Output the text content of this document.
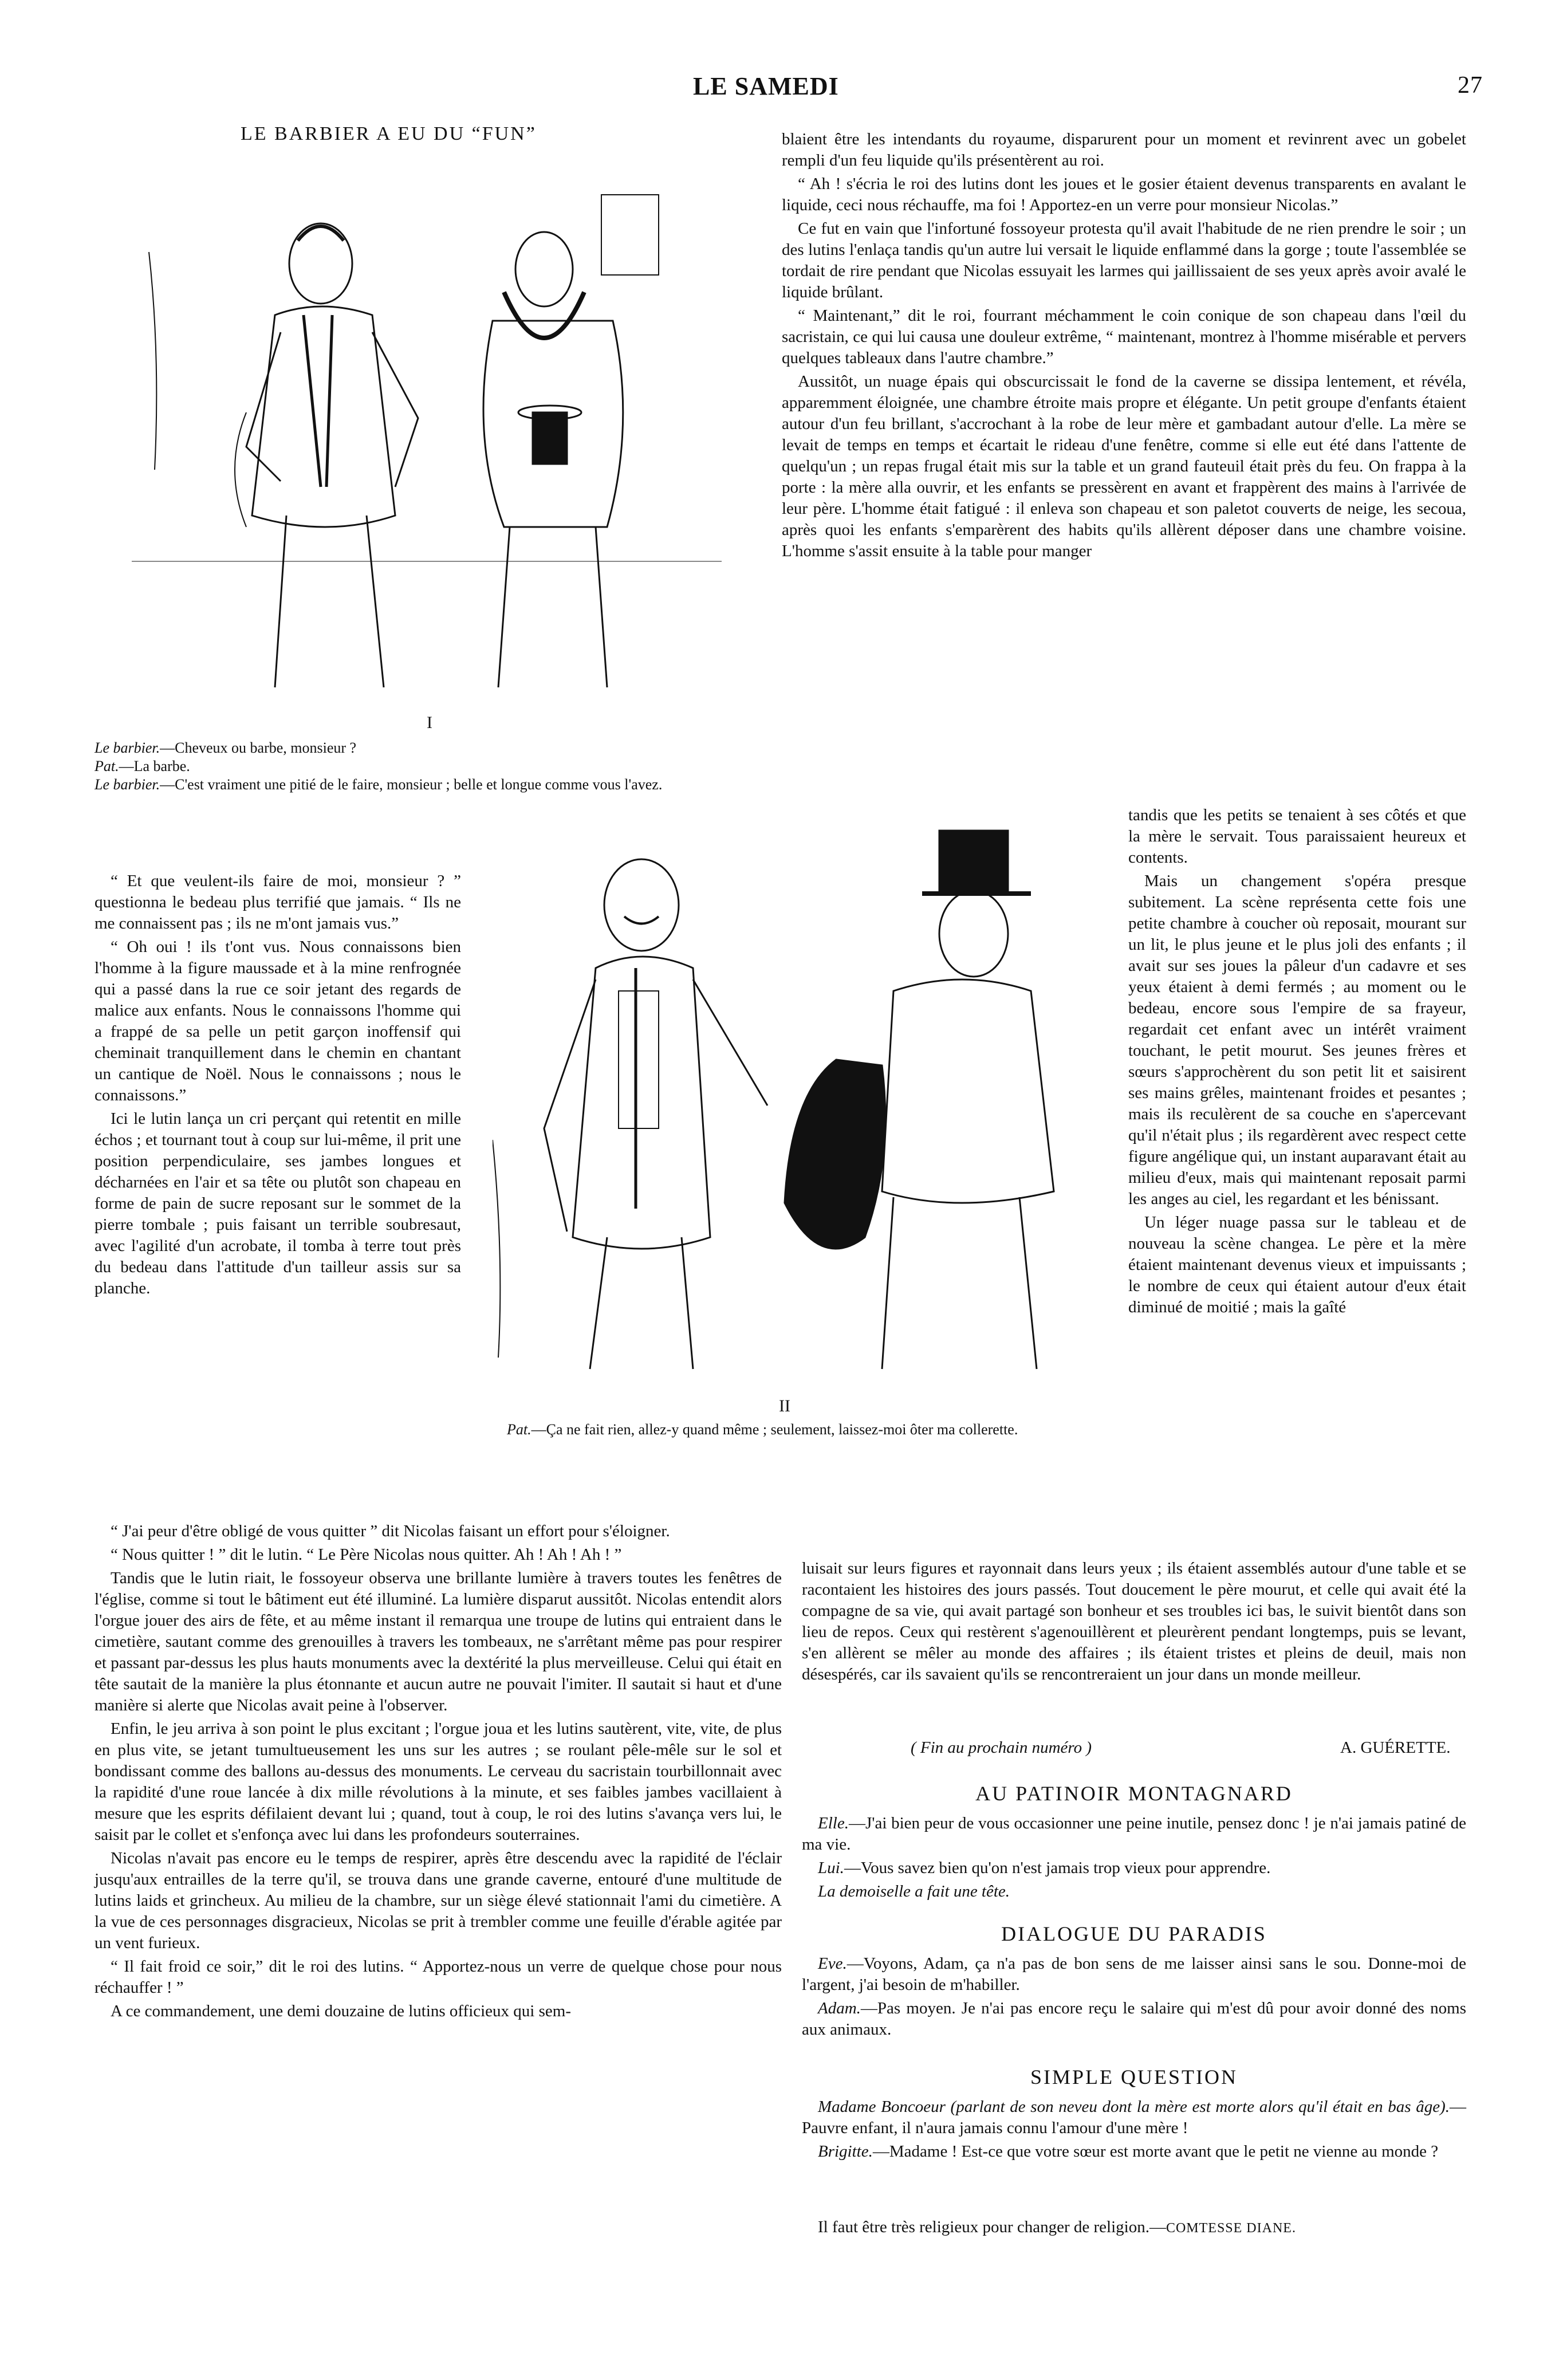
LE SAMEDI	27
LE BARBIER A EU DU “FUN”
I
Le barbier.—Cheveux ou barbe, monsieur ?
Pat.—La barbe.
Le barbier.—C'est vraiment une pitié de le faire, monsieur ; belle et longue comme vous l'avez.

blaient être les intendants du royaume, disparurent pour un moment et revinrent avec un gobelet rempli d'un feu liquide qu'ils présentèrent au roi.

“ Ah ! s'écria le roi des lutins dont les joues et le gosier étaient devenus transparents en avalant le liquide, ceci nous réchauffe, ma foi ! Apportez-en un verre pour monsieur Nicolas.”

Ce fut en vain que l'infortuné fossoyeur protesta qu'il avait l'habitude de ne rien prendre le soir ; un des lutins l'enlaça tandis qu'un autre lui versait le liquide enflammé dans la gorge ; toute l'assemblée se tordait de rire pendant que Nicolas essuyait les larmes qui jaillissaient de ses yeux après avoir avalé le liquide brûlant.

“ Maintenant,” dit le roi, fourrant méchamment le coin conique de son chapeau dans l'œil du sacristain, ce qui lui causa une douleur extrême, “ maintenant, montrez à l'homme misérable et pervers quelques tableaux dans l'autre chambre.”

Aussitôt, un nuage épais qui obscurcissait le fond de la caverne se dissipa lentement, et révéla, apparemment éloignée, une chambre étroite mais propre et élégante. Un petit groupe d'enfants étaient autour d'un feu brillant, s'accrochant à la robe de leur mère et gambadant autour d'elle. La mère se levait de temps en temps et écartait le rideau d'une fenêtre, comme si elle eut été dans l'attente de quelqu'un ; un repas frugal était mis sur la table et un grand fauteuil était près du feu. On frappa à la porte : la mère alla ouvrir, et les enfants se pressèrent en avant et frappèrent des mains à l'arrivée de leur père. L'homme était fatigué : il enleva son chapeau et son paletot couverts de neige, les secoua, après quoi les enfants s'emparèrent des habits qu'ils allèrent déposer dans une chambre voisine. L'homme s'assit ensuite à la table pour manger

tandis que les petits se tenaient à ses côtés et que la mère le servait. Tous paraissaient heureux et contents.

Mais un changement s'opéra presque subitement. La scène représenta cette fois une petite chambre à coucher où reposait, mourant sur un lit, le plus jeune et le plus joli des enfants ; il avait sur ses joues la pâleur d'un cadavre et ses yeux étaient à demi fermés ; au moment ou le bedeau, encore sous l'empire de sa frayeur, regardait cet enfant avec un intérêt vraiment touchant, le petit mourut. Ses jeunes frères et sœurs s'approchèrent du son petit lit et saisirent ses mains grêles, maintenant froides et pesantes ; mais ils reculèrent de sa couche en s'apercevant qu'il n'était plus ; ils regardèrent avec respect cette figure angélique qui, un instant auparavant était au milieu d'eux, mais qui maintenant reposait parmi les anges au ciel, les regardant et les bénissant.

Un léger nuage passa sur le tableau et de nouveau la scène changea. Le père et la mère étaient maintenant devenus vieux et impuissants ; le nombre de ceux qui étaient autour d'eux était diminué de moitié ; mais la gaîté

“ Et que veulent-ils faire de moi, monsieur ? ” questionna le bedeau plus terrifié que jamais. “ Ils ne me connaissent pas ; ils ne m'ont jamais vus.”

“ Oh oui ! ils t'ont vus. Nous connaissons bien l'homme à la figure maussade et à la mine renfrognée qui a passé dans la rue ce soir jetant des regards de malice aux enfants. Nous le connaissons l'homme qui a frappé de sa pelle un petit garçon inoffensif qui cheminait tranquillement dans le chemin en chantant un cantique de Noël. Nous le connaissons ; nous le connaissons.”

Ici le lutin lança un cri perçant qui retentit en mille échos ; et tournant tout à coup sur lui-même, il prit une position perpendiculaire, ses jambes longues et décharnées en l'air et sa tête ou plutôt son chapeau en forme de pain de sucre reposant sur le sommet de la pierre tombale ; puis faisant un terrible soubresaut, avec l'agilité d'un acrobate, il tomba à terre tout près du bedeau dans l'attitude d'un tailleur assis sur sa planche.

II
Pat.—Ça ne fait rien, allez-y quand même ; seulement, laissez-moi ôter ma collerette.

luisait sur leurs figures et rayonnait dans leurs yeux ; ils étaient assemblés autour d'une table et se racontaient les histoires des jours passés. Tout doucement le père mourut, et celle qui avait été la compagne de sa vie, qui avait partagé son bonheur et ses troubles ici bas, le suivit bientôt dans son lieu de repos. Ceux qui restèrent s'agenouillèrent et pleurèrent pendant longtemps, puis se levant, s'en allèrent se mêler au monde des affaires ; ils étaient tristes et pleins de deuil, mais non désespérés, car ils savaient qu'ils se rencontreraient un jour dans un monde meilleur.

( Fin au prochain numéro )	A. GUÉRETTE.

“ J'ai peur d'être obligé de vous quitter ” dit Nicolas faisant un effort pour s'éloigner.

“ Nous quitter ! ” dit le lutin. “ Le Père Nicolas nous quitter. Ah ! Ah ! Ah ! ”

Tandis que le lutin riait, le fossoyeur observa une brillante lumière à travers toutes les fenêtres de l'église, comme si tout le bâtiment eut été illuminé. La lumière disparut aussitôt. Nicolas entendit alors l'orgue jouer des airs de fête, et au même instant il remarqua une troupe de lutins qui entraient dans le cimetière, sautant comme des grenouilles à travers les tombeaux, ne s'arrêtant même pas pour respirer et passant par-dessus les plus hauts monuments avec la dextérité la plus merveilleuse. Celui qui était en tête sautait de la manière la plus étonnante et aucun autre ne pouvait l'imiter. Il sautait si haut et d'une manière si alerte que Nicolas avait peine à l'observer.

Enfin, le jeu arriva à son point le plus excitant ; l'orgue joua et les lutins sautèrent, vite, vite, de plus en plus vite, se jetant tumultueusement les uns sur les autres ; se roulant pêle-mêle sur le sol et bondissant comme des ballons au-dessus des monuments. Le cerveau du sacristain tourbillonnait avec la rapidité d'une roue lancée à dix mille révolutions à la minute, et ses faibles jambes vacillaient à mesure que les esprits défilaient devant lui ; quand, tout à coup, le roi des lutins s'avança vers lui, le saisit par le collet et s'enfonça avec lui dans les profondeurs souterraines.

Nicolas n'avait pas encore eu le temps de respirer, après être descendu avec la rapidité de l'éclair jusqu'aux entrailles de la terre qu'il, se trouva dans une grande caverne, entouré d'une multitude de lutins laids et grincheux. Au milieu de la chambre, sur un siège élevé stationnait l'ami du cimetière. A la vue de ces personnages disgracieux, Nicolas se prit à trembler comme une feuille d'érable agitée par un vent furieux.

“ Il fait froid ce soir,” dit le roi des lutins. “ Apportez-nous un verre de quelque chose pour nous réchauffer ! ”

A ce commandement, une demi douzaine de lutins officieux qui sem-

AU PATINOIR MONTAGNARD

Elle.—J'ai bien peur de vous occasionner une peine inutile, pensez donc ! je n'ai jamais patiné de ma vie.

Lui.—Vous savez bien qu'on n'est jamais trop vieux pour apprendre.

La demoiselle a fait une tête.

DIALOGUE DU PARADIS

Eve.—Voyons, Adam, ça n'a pas de bon sens de me laisser ainsi sans le sou. Donne-moi de l'argent, j'ai besoin de m'habiller.

Adam.—Pas moyen. Je n'ai pas encore reçu le salaire qui m'est dû pour avoir donné des noms aux animaux.

SIMPLE QUESTION

Madame Boncoeur (parlant de son neveu dont la mère est morte alors qu'il était en bas âge).—Pauvre enfant, il n'aura jamais connu l'amour d'une mère !

Brigitte.—Madame ! Est-ce que votre sœur est morte avant que le petit ne vienne au monde ?

Il faut être très religieux pour changer de religion.—COMTESSE DIANE.
